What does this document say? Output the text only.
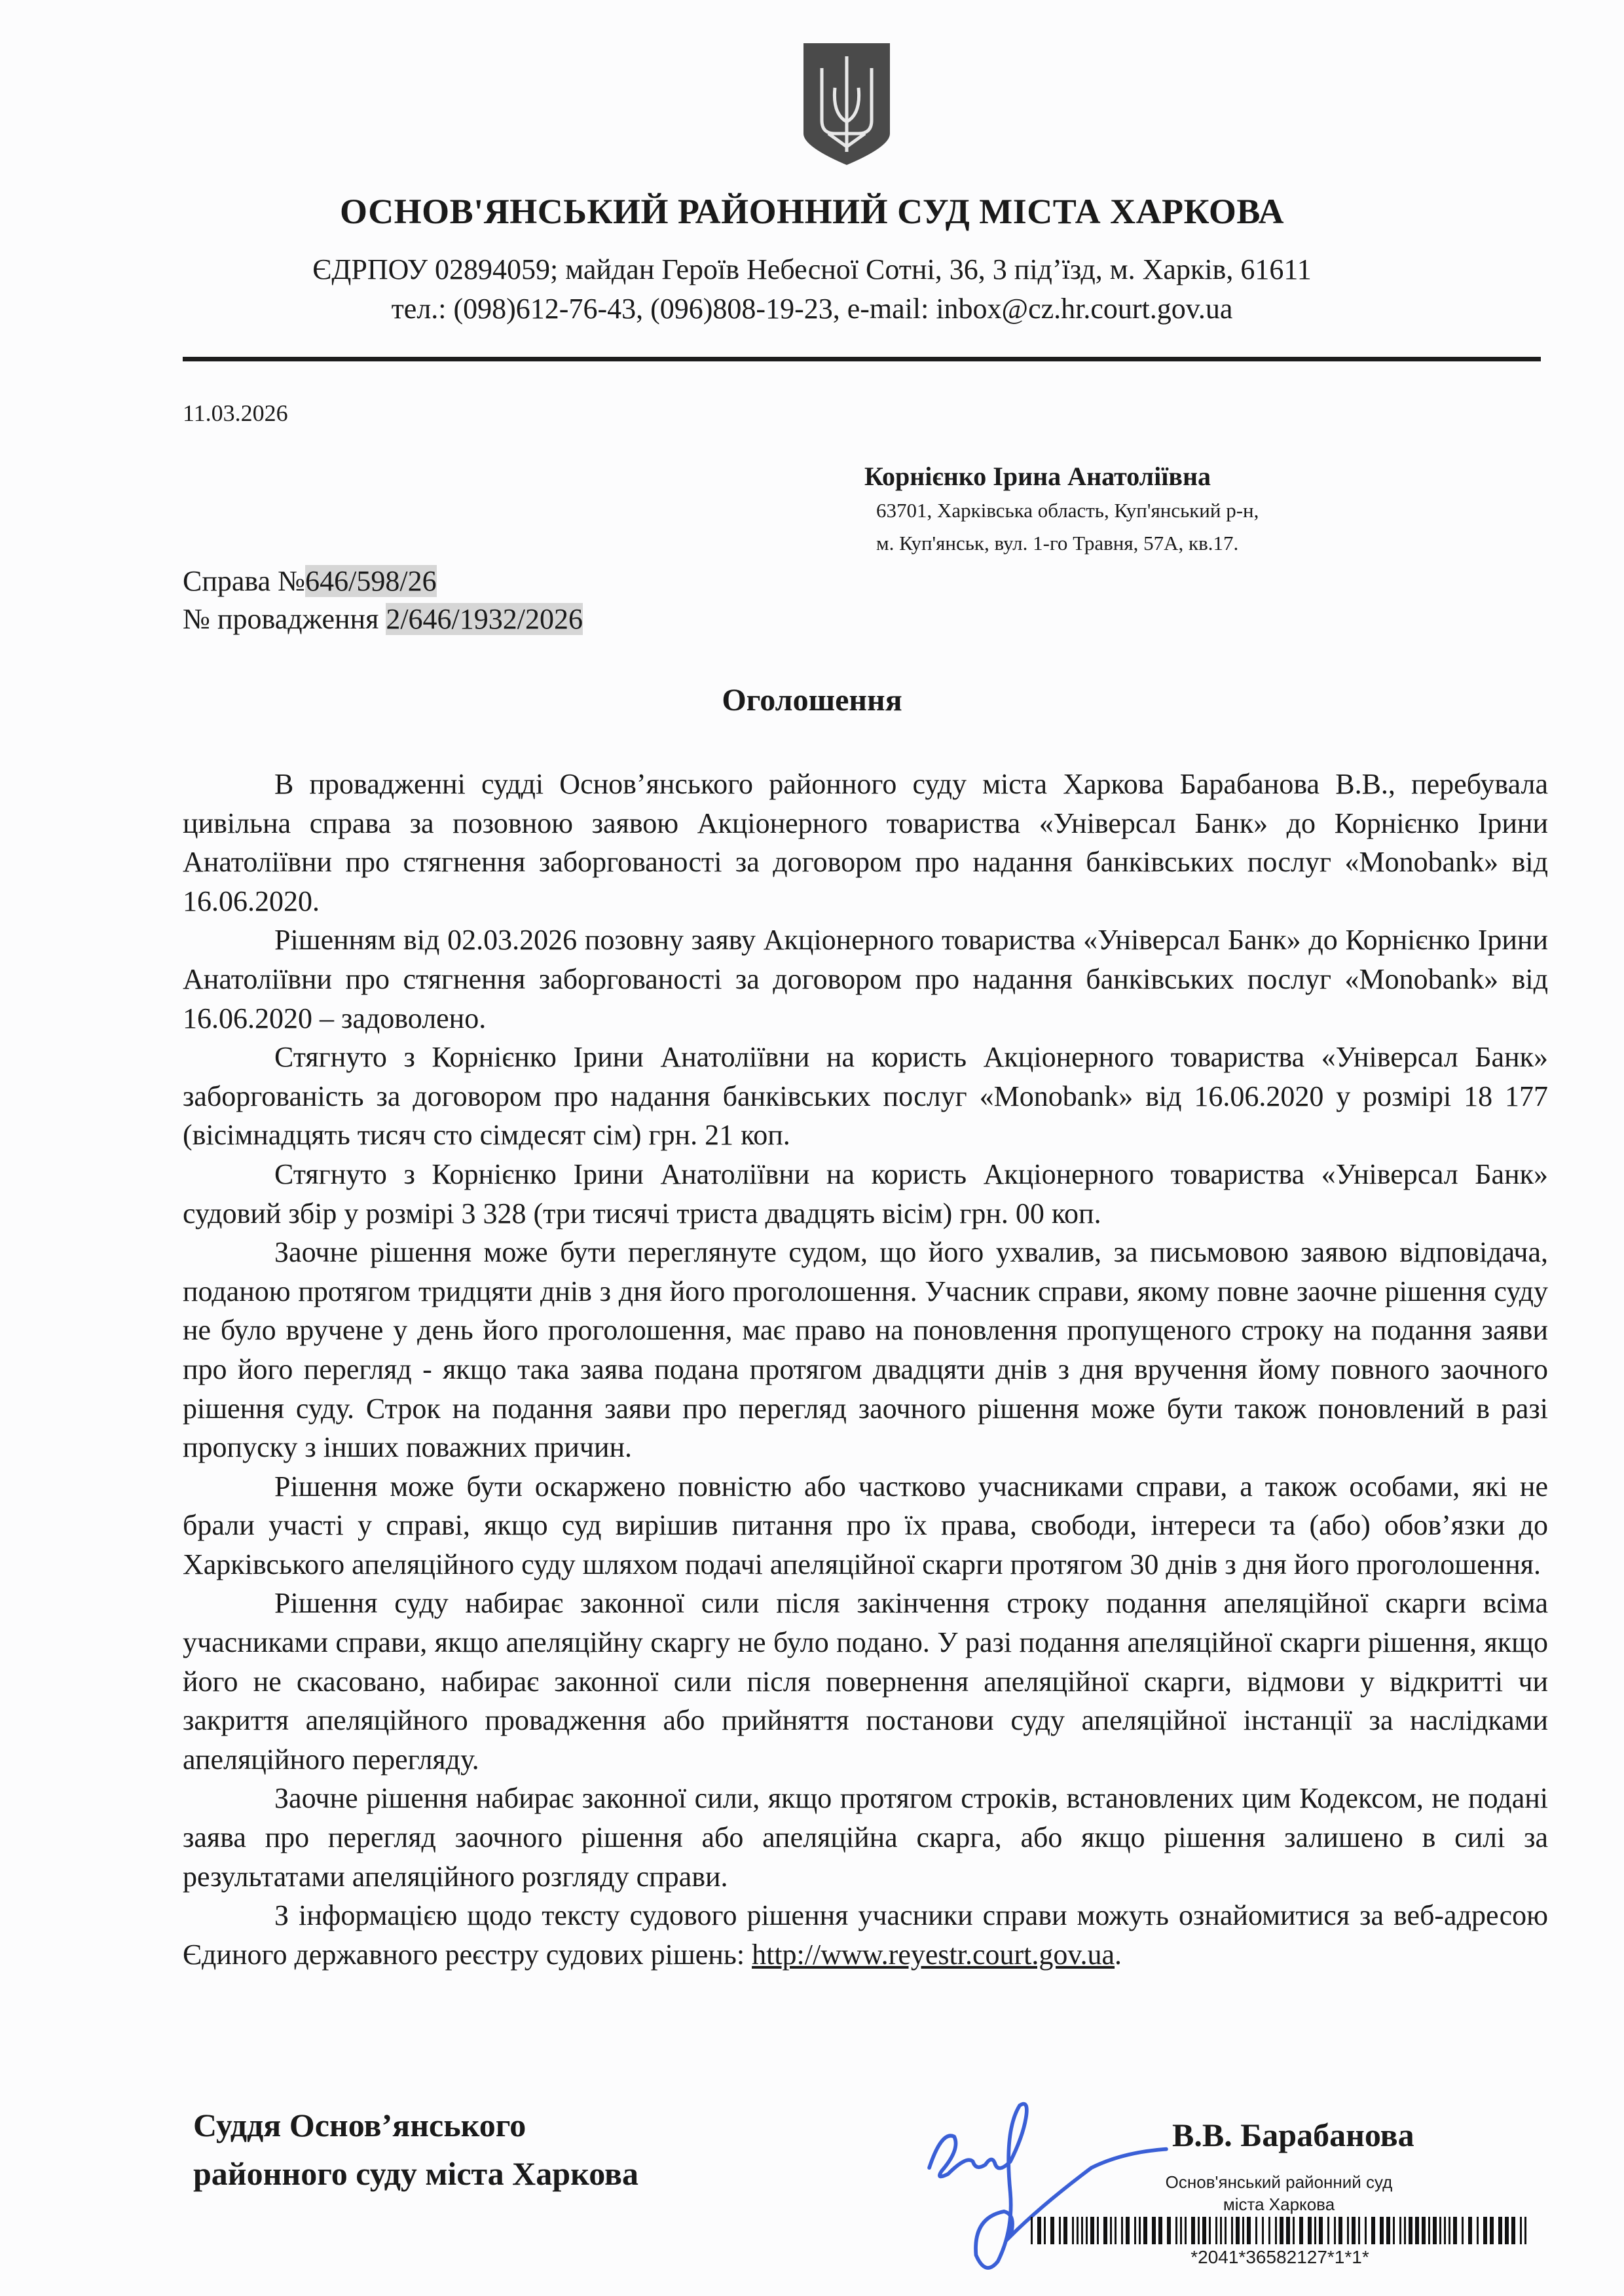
ОСНОВ'ЯНСЬКИЙ РАЙОННИЙ СУД МІСТА ХАРКОВА
ЄДРПОУ 02894059; майдан Героїв Небесної Сотні, 36, 3 під’їзд, м. Харків, 61611
тел.: (098)612-76-43, (096)808-19-23, e-mail: inbox@cz.hr.court.gov.ua
11.03.2026
Корнієнко Ірина Анатоліївна
63701, Харківська область, Куп'янський р-н,
м. Куп'янськ, вул. 1-го Травня, 57А, кв.17.
Справа №646/598/26
№ провадження 2/646/1932/2026
Оголошення

В провадженні судді Основ’янського районного суду міста Харкова Барабанова В.В., перебувала цивільна справа за позовною заявою Акціонерного товариства «Універсал Банк» до Корнієнко Ірини Анатоліївни про стягнення заборгованості за договором про надання банківських послуг «Monobank» від 16.06.2020.

Рішенням від 02.03.2026 позовну заяву Акціонерного товариства «Універсал Банк» до Корнієнко Ірини Анатоліївни про стягнення заборгованості за договором про надання банківських послуг «Monobank» від 16.06.2020 – задоволено.

Стягнуто з Корнієнко Ірини Анатоліївни на користь Акціонерного товариства «Універсал Банк» заборгованість за договором про надання банківських послуг «Monobank» від 16.06.2020 у розмірі 18 177 (вісімнадцять тисяч сто сімдесят сім) грн. 21 коп.

Стягнуто з Корнієнко Ірини Анатоліївни на користь Акціонерного товариства «Універсал Банк» судовий збір у розмірі 3 328 (три тисячі триста двадцять вісім) грн. 00 коп.

Заочне рішення може бути переглянуте судом, що його ухвалив, за письмовою заявою відповідача, поданою протягом тридцяти днів з дня його проголошення. Учасник справи, якому повне заочне рішення суду не було вручене у день його проголошення, має право на поновлення пропущеного строку на подання заяви про його перегляд - якщо така заява подана протягом двадцяти днів з дня вручення йому повного заочного рішення суду. Строк на подання заяви про перегляд заочного рішення може бути також поновлений в разі пропуску з інших поважних причин.

Рішення може бути оскаржено повністю або частково учасниками справи, а також особами, які не брали участі у справі, якщо суд вирішив питання про їх права, свободи, інтереси та (або) обов’язки до Харківського апеляційного суду шляхом подачі апеляційної скарги протягом 30 днів з дня його проголошення.

Рішення суду набирає законної сили після закінчення строку подання апеляційної скарги всіма учасниками справи, якщо апеляційну скаргу не було подано. У разі подання апеляційної скарги рішення, якщо його не скасовано, набирає законної сили після повернення апеляційної скарги, відмови у відкритті чи закриття апеляційного провадження або прийняття постанови суду апеляційної інстанції за наслідками апеляційного перегляду.

Заочне рішення набирає законної сили, якщо протягом строків, встановлених цим Кодексом, не подані заява про перегляд заочного рішення або апеляційна скарга, або якщо рішення залишено в силі за результатами апеляційного розгляду справи.

З інформацією щодо тексту судового рішення учасники справи можуть ознайомитися за веб-адресою Єдиного державного реєстру судових рішень: http://www.reyestr.court.gov.ua.

Суддя Основ’янського
районного суду міста Харкова
В.В. Барабанова
Основ'янський районний суд
міста Харкова
*2041*36582127*1*1*
